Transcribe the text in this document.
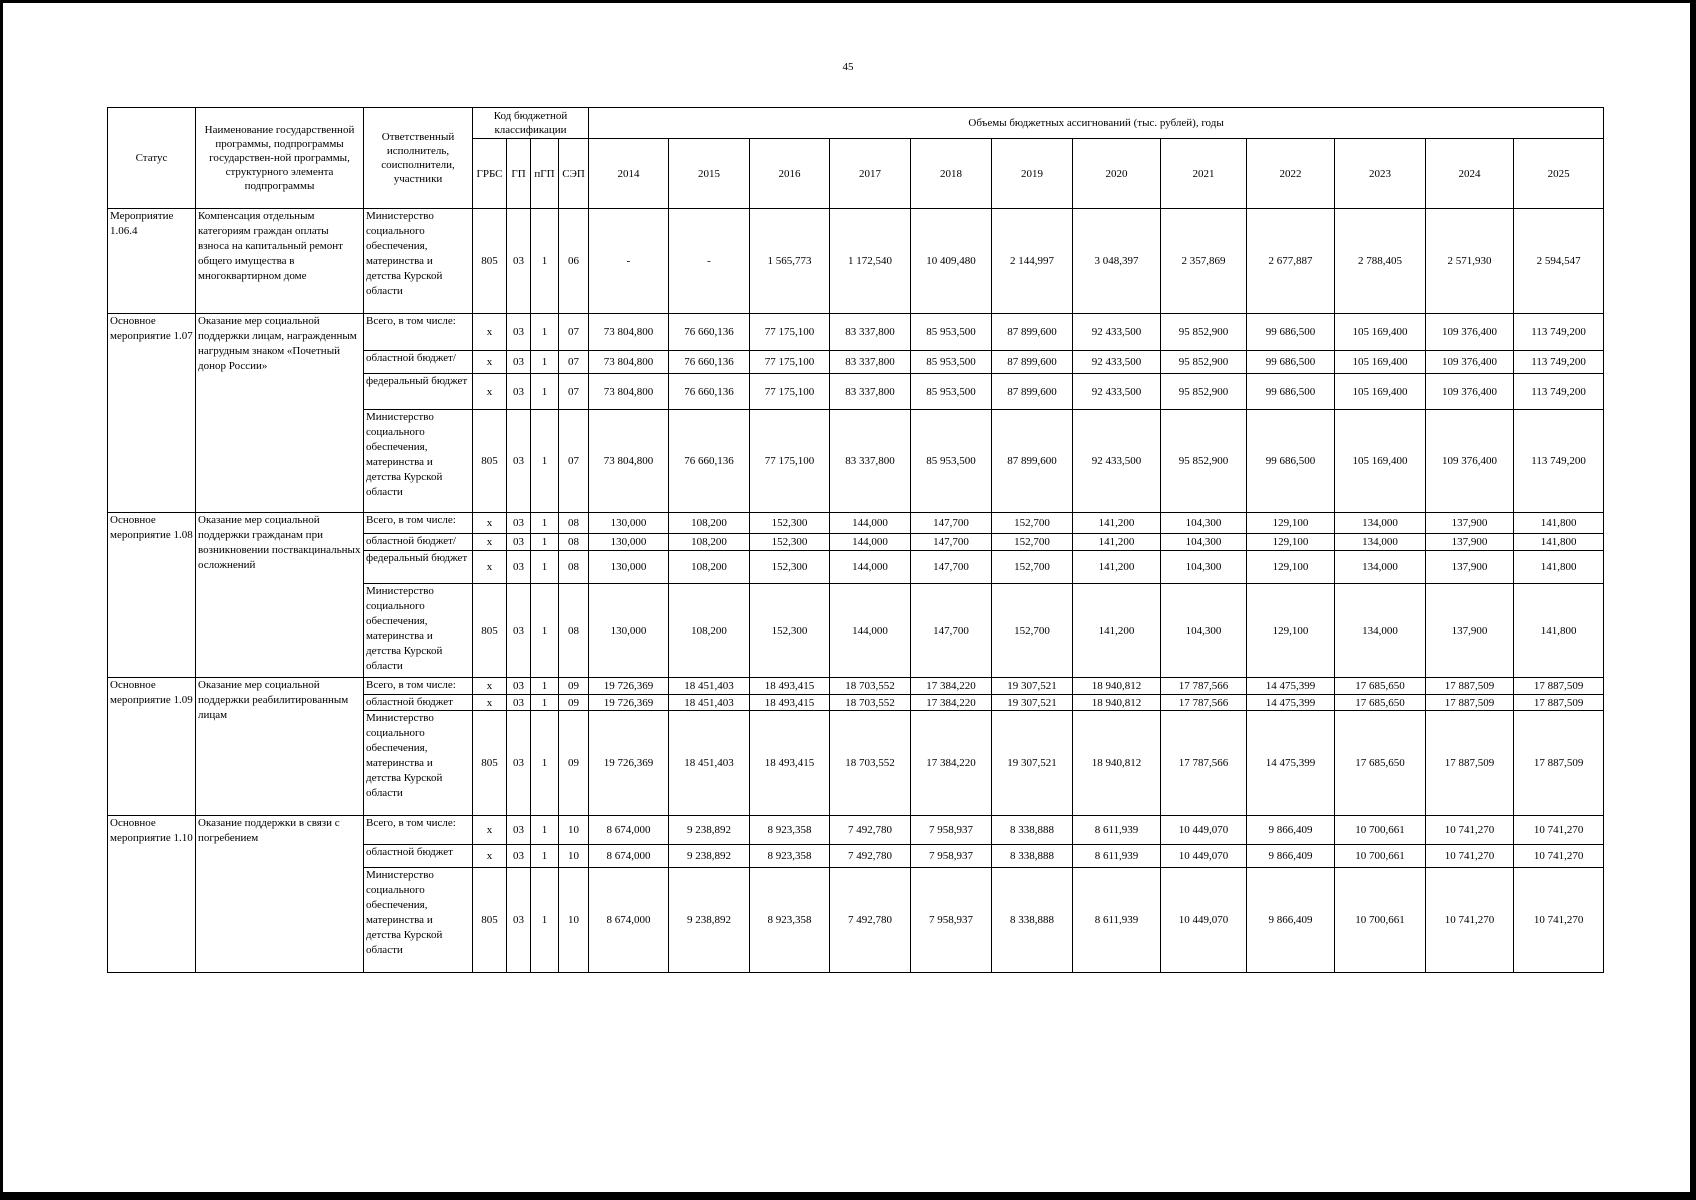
45
Статус	Наименование государственной программы, подпрограммы государствен-ной программы, структурного элемента подпрограммы	Ответственный исполнитель, соисполнители, участники	Код бюджетной классификации				Объемы бюджетных ассигнований (тыс. рублей), годы											
			ГРБС	ГП	пГП	СЭП	2014	2015	2016	2017	2018	2019	2020	2021	2022	2023	2024	2025
Мероприятие 1.06.4	Компенсация отдельным категориям граждан оплаты взноса на капитальный ремонт общего имущества в многоквартирном доме	Министерство социального обеспечения, материнства и детства Курской области	805	03	1	06	-	-	1 565,773	1 172,540	10 409,480	2 144,997	3 048,397	2 357,869	2 677,887	2 788,405	2 571,930	2 594,547
Основное мероприятие 1.07	Оказание мер социальной поддержки лицам, награжденным нагрудным знаком «Почетный донор России»	Всего, в том числе:	x	03	1	07	73 804,800	76 660,136	77 175,100	83 337,800	85 953,500	87 899,600	92 433,500	95 852,900	99 686,500	105 169,400	109 376,400	113 749,200
		областной бюджет/	x	03	1	07	73 804,800	76 660,136	77 175,100	83 337,800	85 953,500	87 899,600	92 433,500	95 852,900	99 686,500	105 169,400	109 376,400	113 749,200
		федеральный бюджет	x	03	1	07	73 804,800	76 660,136	77 175,100	83 337,800	85 953,500	87 899,600	92 433,500	95 852,900	99 686,500	105 169,400	109 376,400	113 749,200
		Министерство социального обеспечения, материнства и детства Курской области	805	03	1	07	73 804,800	76 660,136	77 175,100	83 337,800	85 953,500	87 899,600	92 433,500	95 852,900	99 686,500	105 169,400	109 376,400	113 749,200
Основное мероприятие 1.08	Оказание мер социальной поддержки гражданам при возникновении поствакцинальных осложнений	Всего, в том числе:	x	03	1	08	130,000	108,200	152,300	144,000	147,700	152,700	141,200	104,300	129,100	134,000	137,900	141,800
		областной бюджет/	x	03	1	08	130,000	108,200	152,300	144,000	147,700	152,700	141,200	104,300	129,100	134,000	137,900	141,800
		федеральный бюджет	x	03	1	08	130,000	108,200	152,300	144,000	147,700	152,700	141,200	104,300	129,100	134,000	137,900	141,800
		Министерство социального обеспечения, материнства и детства Курской области	805	03	1	08	130,000	108,200	152,300	144,000	147,700	152,700	141,200	104,300	129,100	134,000	137,900	141,800
Основное мероприятие 1.09	Оказание мер социальной поддержки реабилитированным лицам	Всего, в том числе:	x	03	1	09	19 726,369	18 451,403	18 493,415	18 703,552	17 384,220	19 307,521	18 940,812	17 787,566	14 475,399	17 685,650	17 887,509	17 887,509
		областной бюджет	x	03	1	09	19 726,369	18 451,403	18 493,415	18 703,552	17 384,220	19 307,521	18 940,812	17 787,566	14 475,399	17 685,650	17 887,509	17 887,509
		Министерство социального обеспечения, материнства и детства Курской области	805	03	1	09	19 726,369	18 451,403	18 493,415	18 703,552	17 384,220	19 307,521	18 940,812	17 787,566	14 475,399	17 685,650	17 887,509	17 887,509
Основное мероприятие 1.10	Оказание поддержки в связи с погребением	Всего, в том числе:	x	03	1	10	8 674,000	9 238,892	8 923,358	7 492,780	7 958,937	8 338,888	8 611,939	10 449,070	9 866,409	10 700,661	10 741,270	10 741,270
		областной бюджет	x	03	1	10	8 674,000	9 238,892	8 923,358	7 492,780	7 958,937	8 338,888	8 611,939	10 449,070	9 866,409	10 700,661	10 741,270	10 741,270
		Министерство социального обеспечения, материнства и детства Курской области	805	03	1	10	8 674,000	9 238,892	8 923,358	7 492,780	7 958,937	8 338,888	8 611,939	10 449,070	9 866,409	10 700,661	10 741,270	10 741,270
